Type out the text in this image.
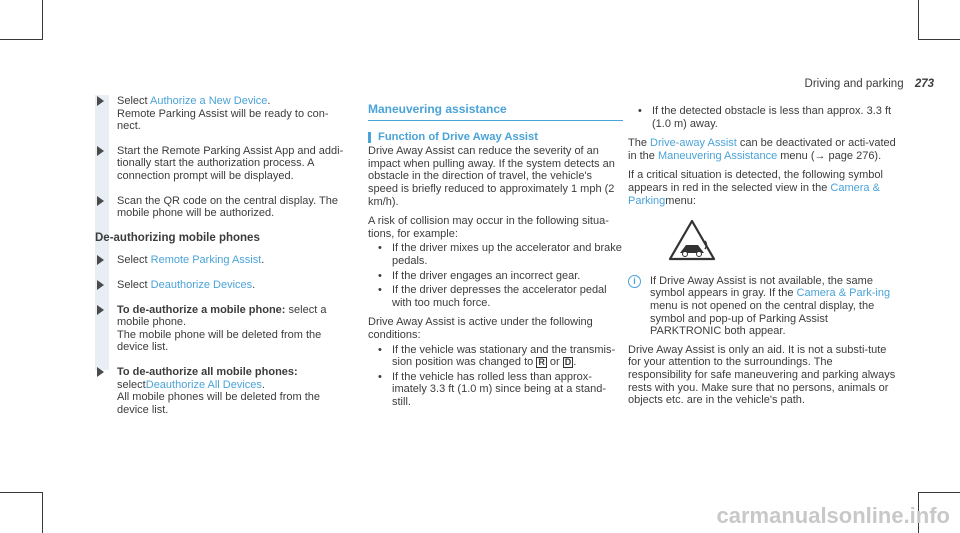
Driving and parking 273
Select Authorize a New Device.
Remote Parking Assist will be ready to con-nect.
Start the Remote Parking Assist App and addi-tionally start the authorization process. A connection prompt will be displayed.
Scan the QR code on the central display. The mobile phone will be authorized.
De-authorizing mobile phones
Select Remote Parking Assist.
Select Deauthorize Devices.
To de-authorize a mobile phone: select a mobile phone.
The mobile phone will be deleted from the device list.
To de-authorize all mobile phones:
selectDeauthorize All Devices.
All mobile phones will be deleted from the device list.
Maneuvering assistance
Function of Drive Away Assist

Drive Away Assist can reduce the severity of an impact when pulling away. If the system detects an obstacle in the direction of travel, the vehicle's speed is briefly reduced to approximately 1 mph (2 km/h).

A risk of collision may occur in the following situa-tions, for example:

• If the driver mixes up the accelerator and brake pedals.
• If the driver engages an incorrect gear.
• If the driver depresses the accelerator pedal with too much force.

Drive Away Assist is active under the following conditions:

• If the vehicle was stationary and the transmis-sion position was changed to R or D .
• If the vehicle has rolled less than approx-imately 3.3 ft (1.0 m) since being at a stand-still.
• If the detected obstacle is less than approx. 3.3 ft (1.0 m) away.

The Drive-away Assist can be deactivated or acti-vated in the Maneuvering Assistance menu (→ page 276).

If a critical situation is detected, the following symbol appears in red in the selected view in the Camera & Parkingmenu:

i	If Drive Away Assist is not available, the same symbol appears in gray. If the Camera & Park-ing menu is not opened on the central display, the symbol and pop-up of Parking Assist PARKTRONIC both appear.

Drive Away Assist is only an aid. It is not a substi-tute for your attention to the surroundings. The responsibility for safe maneuvering and parking always rests with you. Make sure that no persons, animals or objects etc. are in the vehicle's path.

carmanualsonline.info
